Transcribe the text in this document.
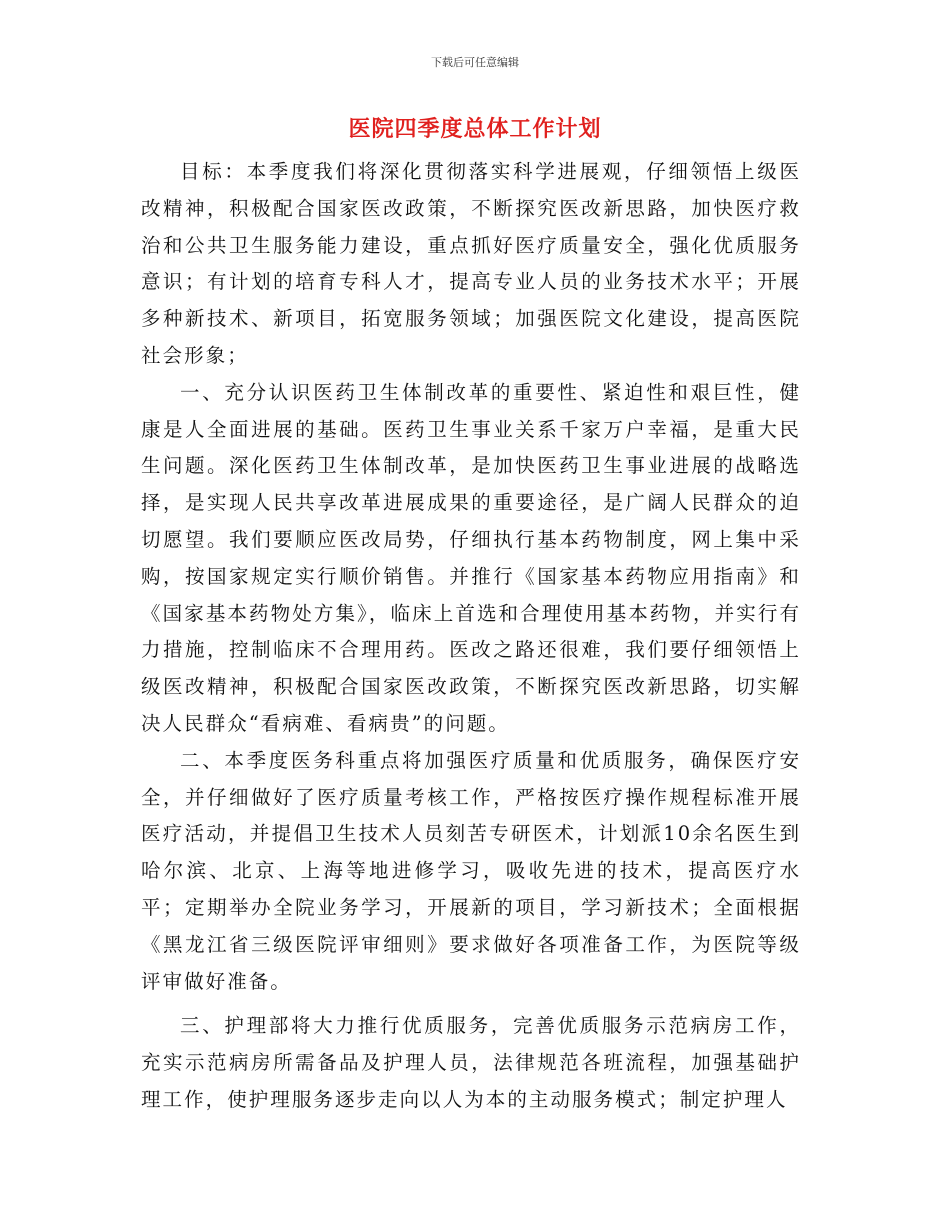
下载后可任意编辑
医院四季度总体工作计划

目标：本季度我们将深化贯彻落实科学进展观，仔细领悟上级医改精神，积极配合国家医改政策，不断探究医改新思路，加快医疗救治和公共卫生服务能力建设，重点抓好医疗质量安全，强化优质服务意识；有计划的培育专科人才，提高专业人员的业务技术水平；开展多种新技术、新项目，拓宽服务领域；加强医院文化建设，提高医院社会形象；

一、充分认识医药卫生体制改革的重要性、紧迫性和艰巨性，健康是人全面进展的基础。医药卫生事业关系千家万户幸福，是重大民生问题。深化医药卫生体制改革，是加快医药卫生事业进展的战略选择，是实现人民共享改革进展成果的重要途径，是广阔人民群众的迫切愿望。我们要顺应医改局势，仔细执行基本药物制度，网上集中采购，按国家规定实行顺价销售。并推行《国家基本药物应用指南》和《国家基本药物处方集》，临床上首选和合理使用基本药物，并实行有力措施，控制临床不合理用药。医改之路还很难，我们要仔细领悟上级医改精神，积极配合国家医改政策，不断探究医改新思路，切实解决人民群众“看病难、看病贵”的问题。

二、本季度医务科重点将加强医疗质量和优质服务，确保医疗安全，并仔细做好了医疗质量考核工作，严格按医疗操作规程标准开展医疗活动，并提倡卫生技术人员刻苦专研医术，计划派10余名医生到哈尔滨、北京、上海等地进修学习，吸收先进的技术，提高医疗水平；定期举办全院业务学习，开展新的项目，学习新技术；全面根据《黑龙江省三级医院评审细则》要求做好各项准备工作，为医院等级评审做好准备。

三、护理部将大力推行优质服务，完善优质服务示范病房工作，充实示范病房所需备品及护理人员，法律规范各班流程，加强基础护理工作，使护理服务逐步走向以人为本的主动服务模式；制定护理人
